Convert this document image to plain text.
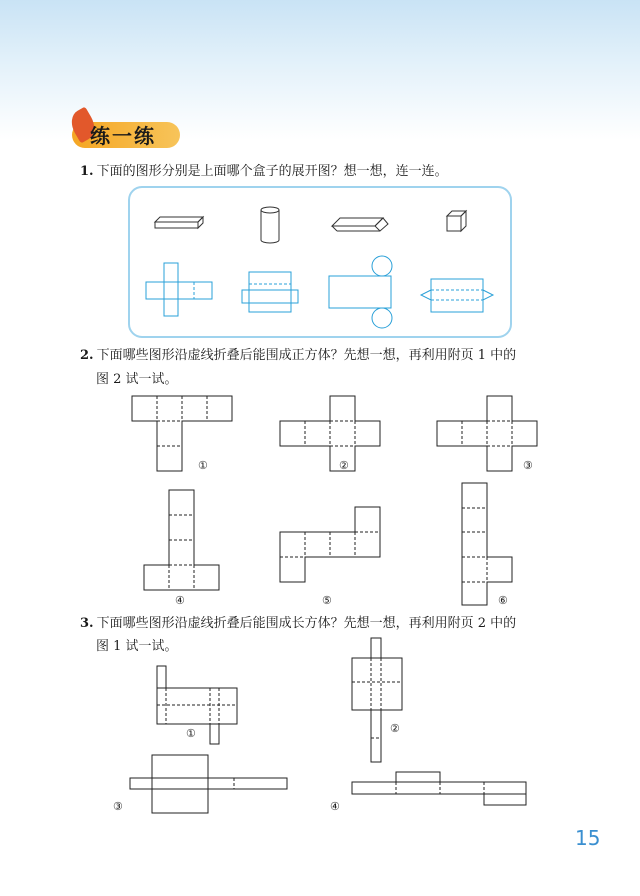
练一练
1. 下面的图形分别是上面哪个盒子的展开图？想一想，连一连。
2. 下面哪些图形沿虚线折叠后能围成正方体？先想一想，再利用附页 1 中的
图 2 试一试。
①	②	③
④	⑤	⑥
3. 下面哪些图形沿虚线折叠后能围成长方体？先想一想，再利用附页 2 中的
图 1 试一试。
①	②
③	④
15
